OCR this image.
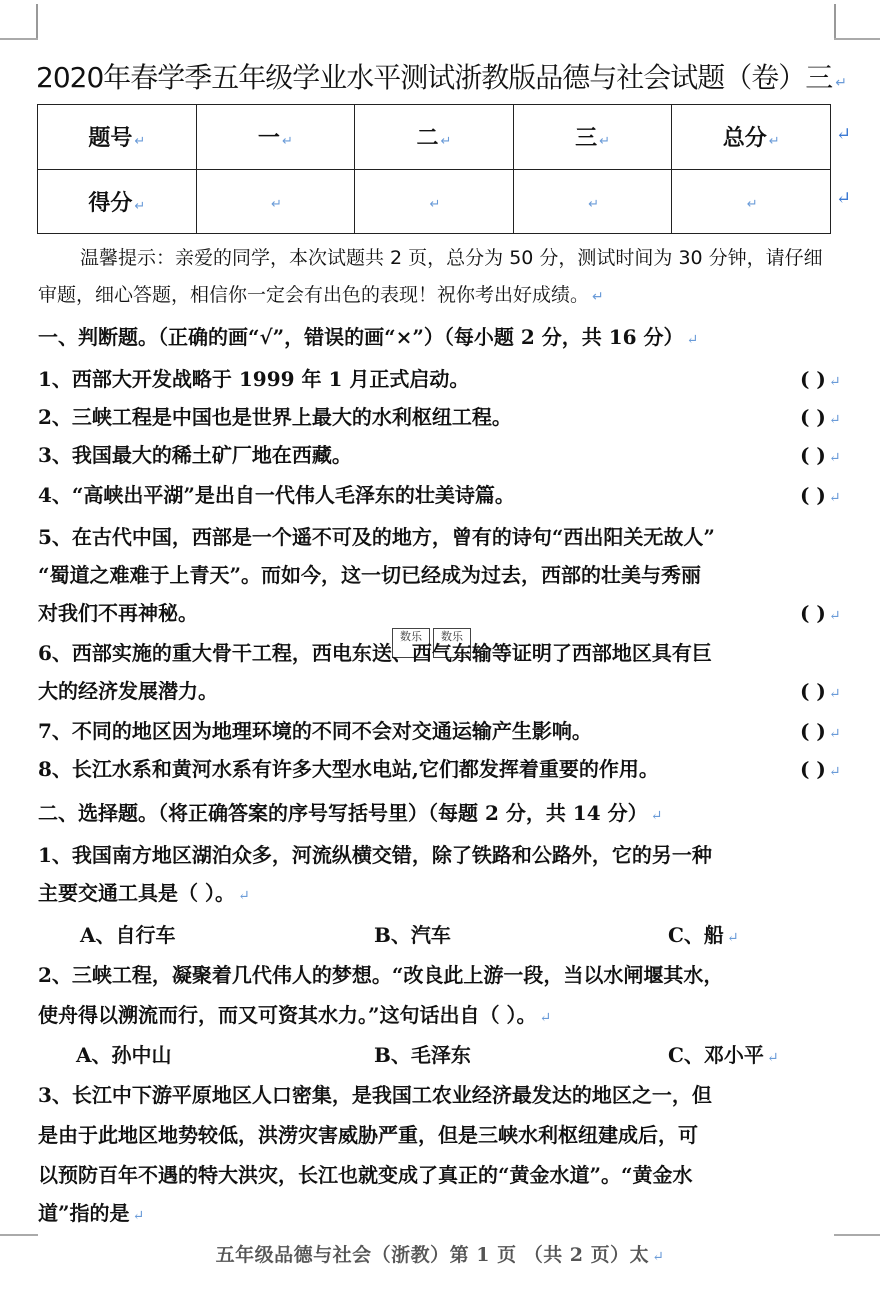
2020年春学季五年级学业水平测试浙教版品德与社会试题（卷）三 ↵
题号 ↵	一 ↵	二 ↵	三 ↵	总分 ↵
得分 ↵	↵	↵	↵	↵
↵
↵
温馨提示：亲爱的同学，本次试题共 2 页，总分为 50 分，测试时间为 30 分钟，请仔细审题，细心答题，相信你一定会有出色的表现！祝你考出好成绩。 ↵
一、判断题。（正确的画“√”，错误的画“×”）（每小题 2 分，共 16 分） ↵
1、西部大开发战略于 1999 年 1 月正式启动。	( ) ↵
2、三峡工程是中国也是世界上最大的水利枢纽工程。	( ) ↵
3、我国最大的稀土矿厂地在西藏。	( ) ↵
4、“高峡出平湖”是出自一代伟人毛泽东的壮美诗篇。	( ) ↵
5、在古代中国，西部是一个遥不可及的地方，曾有的诗句“西出阳关无故人”
“蜀道之难难于上青天”。而如今，这一切已经成为过去，西部的壮美与秀丽
对我们不再神秘。	( ) ↵
数乐	数乐
6、西部实施的重大骨干工程，西电东送、西气东输等证明了西部地区具有巨
大的经济发展潜力。	( ) ↵
7、不同的地区因为地理环境的不同不会对交通运输产生影响。	( ) ↵
8、长江水系和黄河水系有许多大型水电站,它们都发挥着重要的作用。	( ) ↵
二、选择题。（将正确答案的序号写括号里）（每题 2 分，共 14 分） ↵
1、我国南方地区湖泊众多，河流纵横交错，除了铁路和公路外，它的另一种
主要交通工具是（ ）。 ↵
A、自行车	B、汽车	C、船 ↵
2、三峡工程，凝聚着几代伟人的梦想。“改良此上游一段，当以水闸堰其水，
使舟得以溯流而行，而又可资其水力。”这句话出自（ ）。 ↵
A、孙中山	B、毛泽东	C、邓小平 ↵
3、长江中下游平原地区人口密集，是我国工农业经济最发达的地区之一，但
是由于此地区地势较低，洪涝灾害威胁严重，但是三峡水利枢纽建成后，可
以预防百年不遇的特大洪灾，长江也就变成了真正的“黄金水道”。“黄金水
道”指的是 ↵
五年级品德与社会（浙教）第 1 页 （共 2 页）太 ↵
